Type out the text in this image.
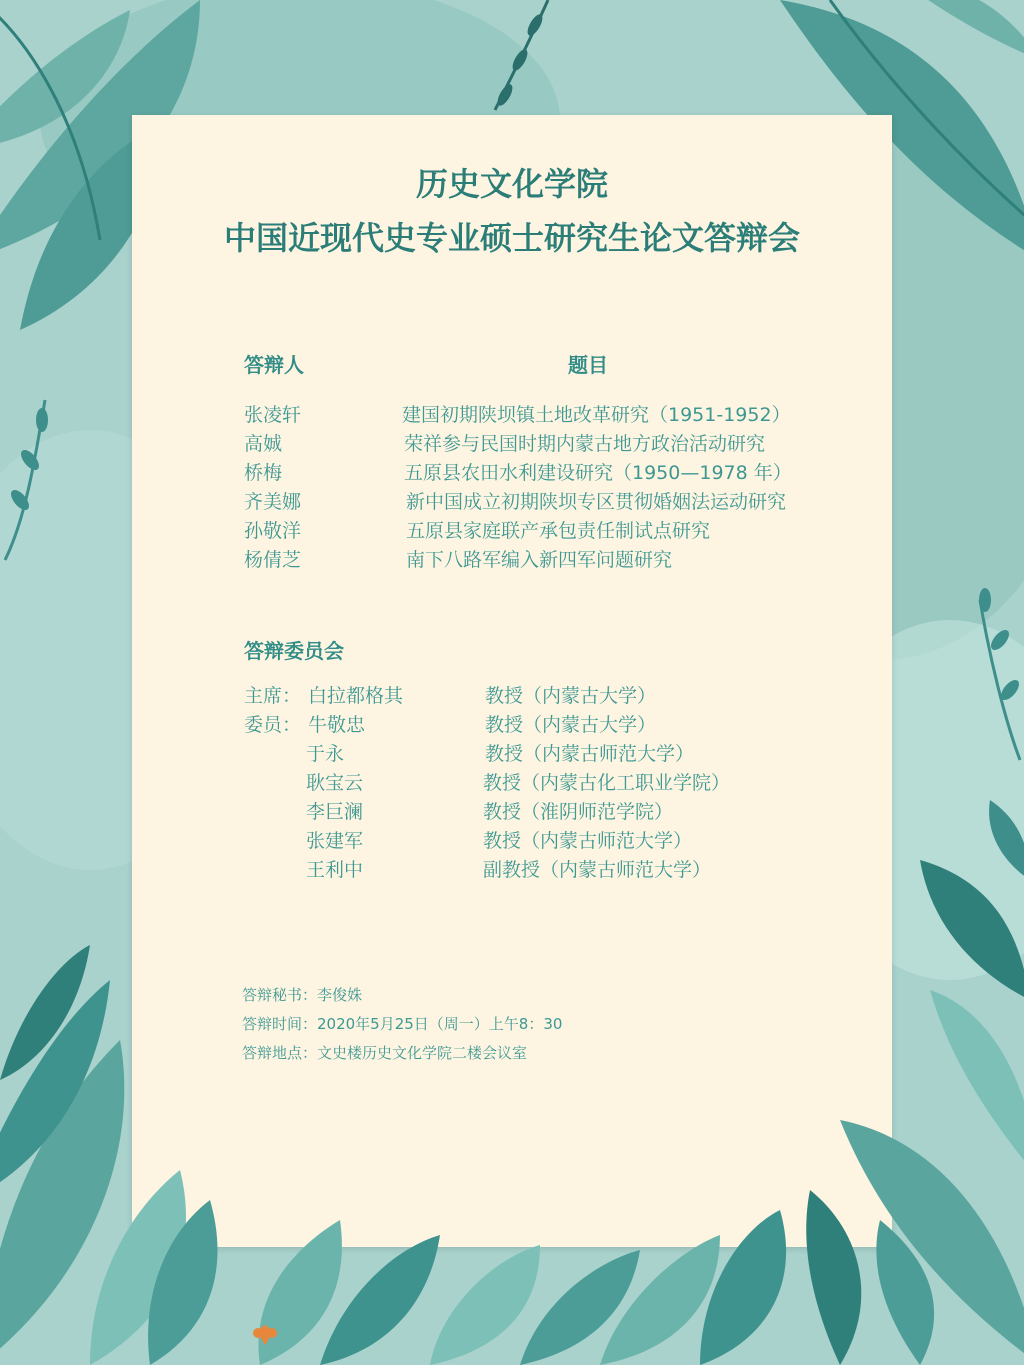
历史文化学院
中国近现代史专业硕士研究生论文答辩会
答辩人	题目
张凌轩	建国初期陕坝镇土地改革研究（1951-1952）
高娍	荣祥参与民国时期内蒙古地方政治活动研究
桥梅	五原县农田水利建设研究（1950—1978 年）
齐美娜	新中国成立初期陕坝专区贯彻婚姻法运动研究
孙敬洋	五原县家庭联产承包责任制试点研究
杨倩芝	南下八路军编入新四军问题研究
答辩委员会
主席： 白拉都格其	教授（内蒙古大学）
委员： 牛敬忠	教授（内蒙古大学）
于永	教授（内蒙古师范大学）
耿宝云	教授（内蒙古化工职业学院）
李巨澜	教授（淮阴师范学院）
张建军	教授（内蒙古师范大学）
王利中	副教授（内蒙古师范大学）
答辩秘书：李俊姝
答辩时间：2020年5月25日（周一）上午8：30
答辩地点：文史楼历史文化学院二楼会议室
